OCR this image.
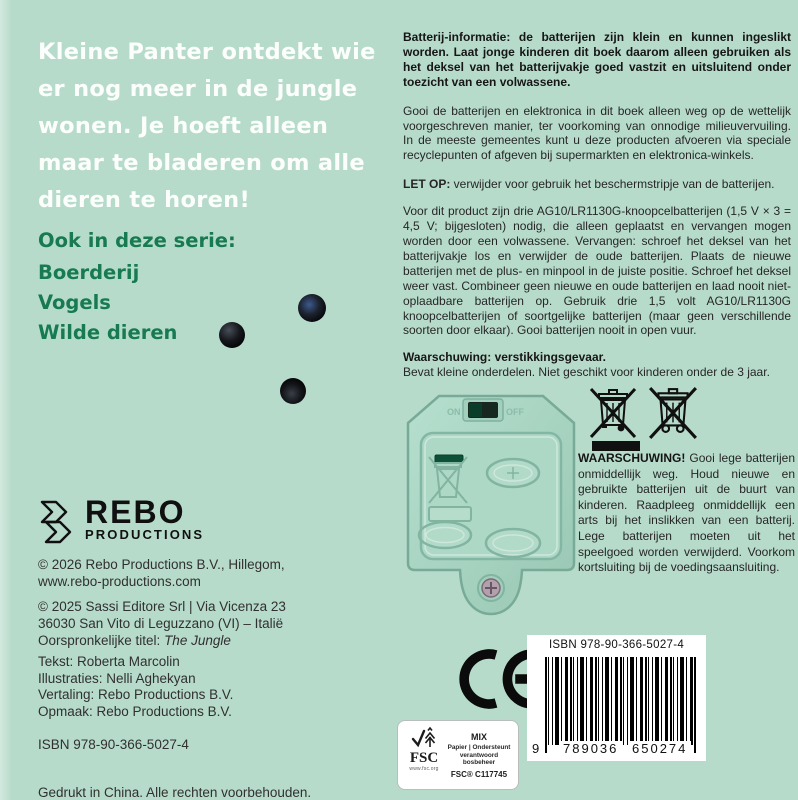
Kleine Panter ontdekt wie
er nog meer in de jungle
wonen. Je hoeft alleen
maar te bladeren om alle
dieren te horen!
Ook in deze serie:
Boerderij
Vogels
Wilde dieren

Batterij-informatie: de batterijen zijn klein en kunnen ingeslikt worden. Laat jonge kinderen dit boek daarom alleen gebruiken als het deksel van het batterijvakje goed vastzit en uitsluitend onder toezicht van een volwassene.

Gooi de batterijen en elektronica in dit boek alleen weg op de wettelijk voorgeschreven manier, ter voorkoming van onnodige milieuvervuiling. In de meeste gemeentes kunt u deze producten afvoeren via speciale recyclepunten of afgeven bij supermarkten en elektronica-winkels.

LET OP: verwijder voor gebruik het beschermstripje van de batterijen.

Voor dit product zijn drie AG10/LR1130G-knoopcelbatterijen (1,5 V × 3 = 4,5 V; bijgesloten) nodig, die alleen geplaatst en vervangen mogen worden door een volwassene. Vervangen: schroef het deksel van het batterijvakje los en verwijder de oude batterijen. Plaats de nieuwe batterijen met de plus- en minpool in de juiste positie. Schroef het deksel weer vast. Combineer geen nieuwe en oude batterijen en laad nooit niet-oplaadbare batterijen op. Gebruik drie 1,5 volt AG10/LR1130G knoopcelbatterijen of soortgelijke batterijen (maar geen verschillende soorten door elkaar). Gooi batterijen nooit in open vuur.

Waarschuwing: verstikkingsgevaar.

Bevat kleine onderdelen. Niet geschikt voor kinderen onder de 3 jaar.

ON	OFF

WAARSCHUWING! Gooi lege batterijen onmiddellijk weg. Houd nieuwe en gebruikte batterijen uit de buurt van kinderen. Raadpleeg onmiddellijk een arts bij het inslikken van een batterij. Lege batterijen moeten uit het speelgoed worden verwijderd. Voorkom kortsluiting bij de voedingsaansluiting.

REBO
PRODUCTIONS
© 2026 Rebo Productions B.V., Hillegom,
www.rebo-productions.com
© 2025 Sassi Editore Srl | Via Vicenza 23
36030 San Vito di Leguzzano (VI) – Italië
Oorspronkelijke titel: The Jungle
Tekst: Roberta Marcolin
Illustraties: Nelli Aghekyan
Vertaling: Rebo Productions B.V.
Opmaak: Rebo Productions B.V.
ISBN 978-90-366-5027-4
Gedrukt in China. Alle rechten voorbehouden.
FSC
www.fsc.org
MIX
Papier | Ondersteunt
verantwoord bosbeheer
FSC® C117745
ISBN 978-90-366-5027-4
9	789036	650274
